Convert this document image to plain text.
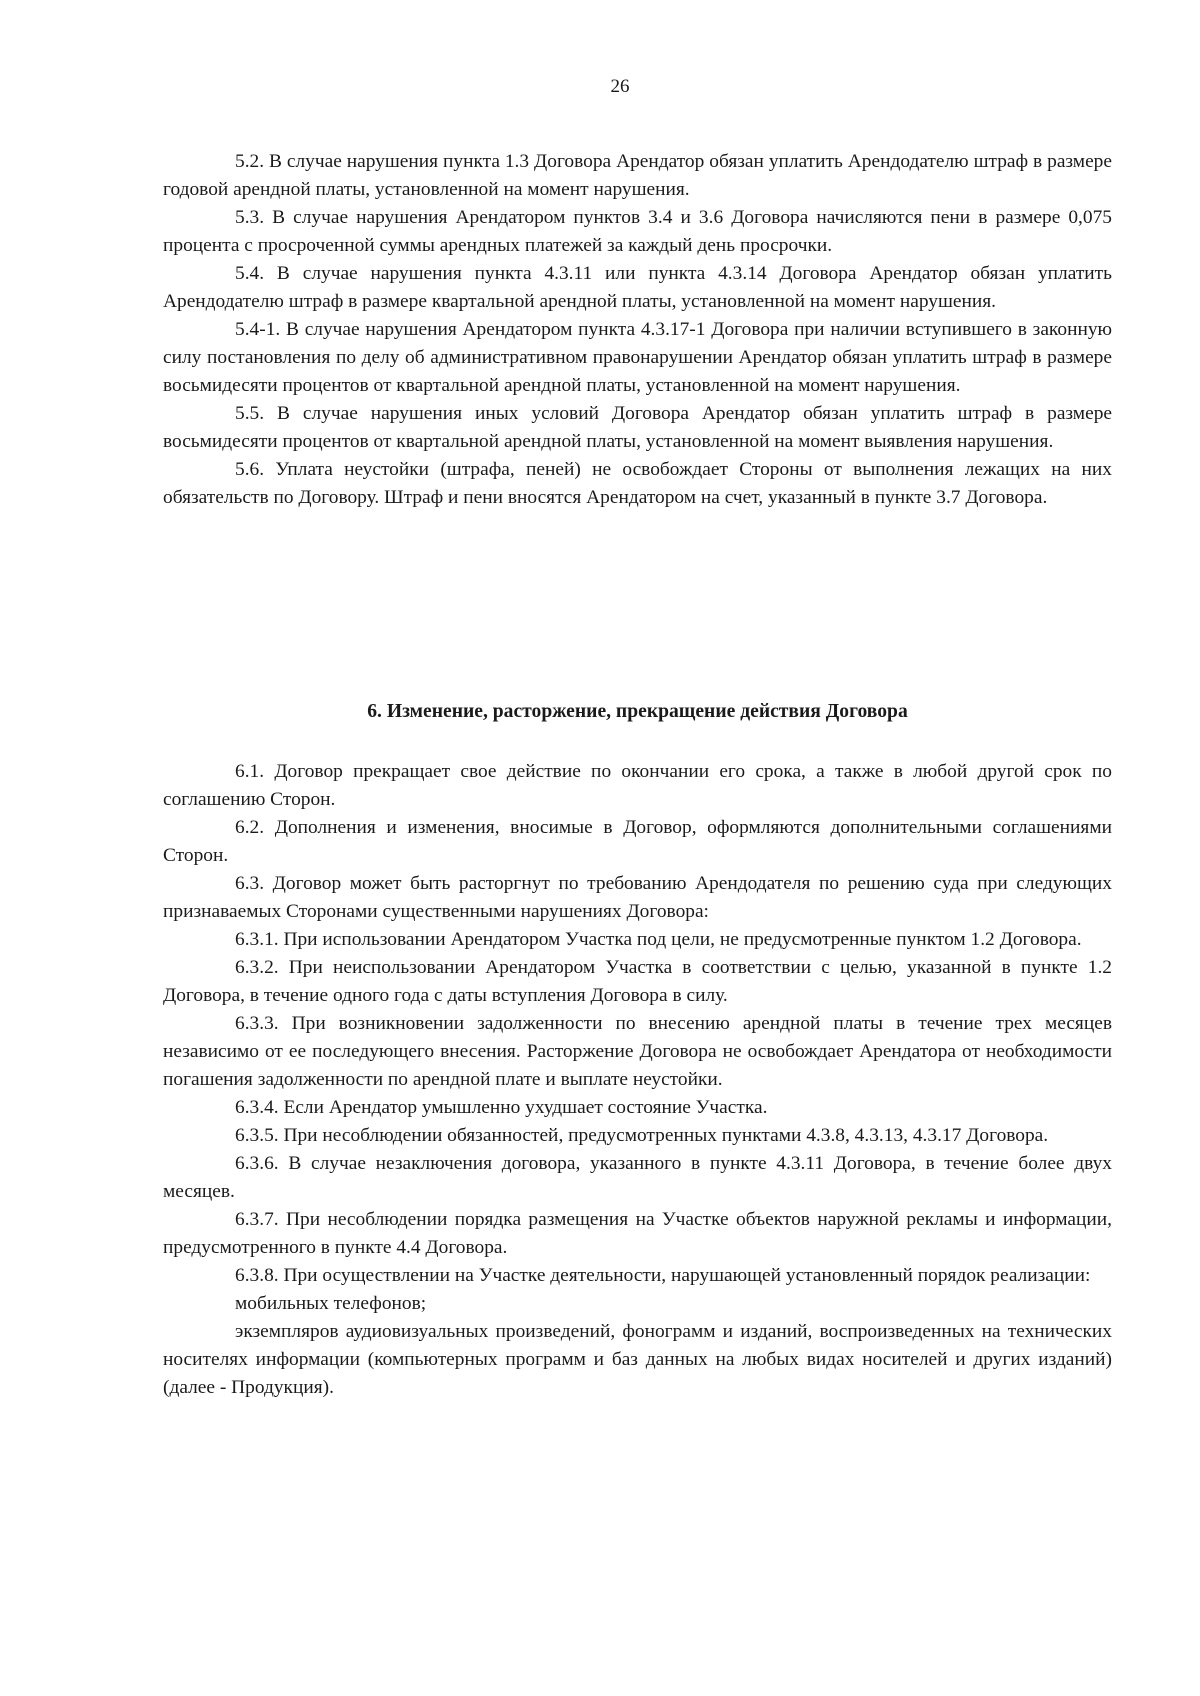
26

5.2. В случае нарушения пункта 1.3 Договора Арендатор обязан уплатить Арендодателю штраф в размере годовой арендной платы, установленной на момент нарушения.

5.3. В случае нарушения Арендатором пунктов 3.4 и 3.6 Договора начисляются пени в размере 0,075 процента с просроченной суммы арендных платежей за каждый день просрочки.

5.4. В случае нарушения пункта 4.3.11 или пункта 4.3.14 Договора Арендатор обязан уплатить Арендодателю штраф в размере квартальной арендной платы, установленной на момент нарушения.

5.4-1. В случае нарушения Арендатором пункта 4.3.17-1 Договора при наличии вступившего в законную силу постановления по делу об административном правонарушении Арендатор обязан уплатить штраф в размере восьмидесяти процентов от квартальной арендной платы, установленной на момент нарушения.

5.5. В случае нарушения иных условий Договора Арендатор обязан уплатить штраф в размере восьмидесяти процентов от квартальной арендной платы, установленной на момент выявления нарушения.

5.6. Уплата неустойки (штрафа, пеней) не освобождает Стороны от выполнения лежащих на них обязательств по Договору. Штраф и пени вносятся Арендатором на счет, указанный в пункте 3.7 Договора.

6. Изменение, расторжение, прекращение действия Договора

6.1. Договор прекращает свое действие по окончании его срока, а также в любой другой срок по соглашению Сторон.

6.2. Дополнения и изменения, вносимые в Договор, оформляются дополнительными соглашениями Сторон.

6.3. Договор может быть расторгнут по требованию Арендодателя по решению суда при следующих признаваемых Сторонами существенными нарушениях Договора:

6.3.1. При использовании Арендатором Участка под цели, не предусмотренные пунктом 1.2 Договора.

6.3.2. При неиспользовании Арендатором Участка в соответствии с целью, указанной в пункте 1.2 Договора, в течение одного года с даты вступления Договора в силу.

6.3.3. При возникновении задолженности по внесению арендной платы в течение трех месяцев независимо от ее последующего внесения. Расторжение Договора не освобождает Арендатора от необходимости погашения задолженности по арендной плате и выплате неустойки.

6.3.4. Если Арендатор умышленно ухудшает состояние Участка.

6.3.5. При несоблюдении обязанностей, предусмотренных пунктами 4.3.8, 4.3.13, 4.3.17 Договора.

6.3.6. В случае незаключения договора, указанного в пункте 4.3.11 Договора, в течение более двух месяцев.

6.3.7. При несоблюдении порядка размещения на Участке объектов наружной рекламы и информации, предусмотренного в пункте 4.4 Договора.

6.3.8. При осуществлении на Участке деятельности, нарушающей установленный порядок реализации:

мобильных телефонов;

экземпляров аудиовизуальных произведений, фонограмм и изданий, воспроизведенных на технических носителях информации (компьютерных программ и баз данных на любых видах носителей и других изданий) (далее - Продукция).
